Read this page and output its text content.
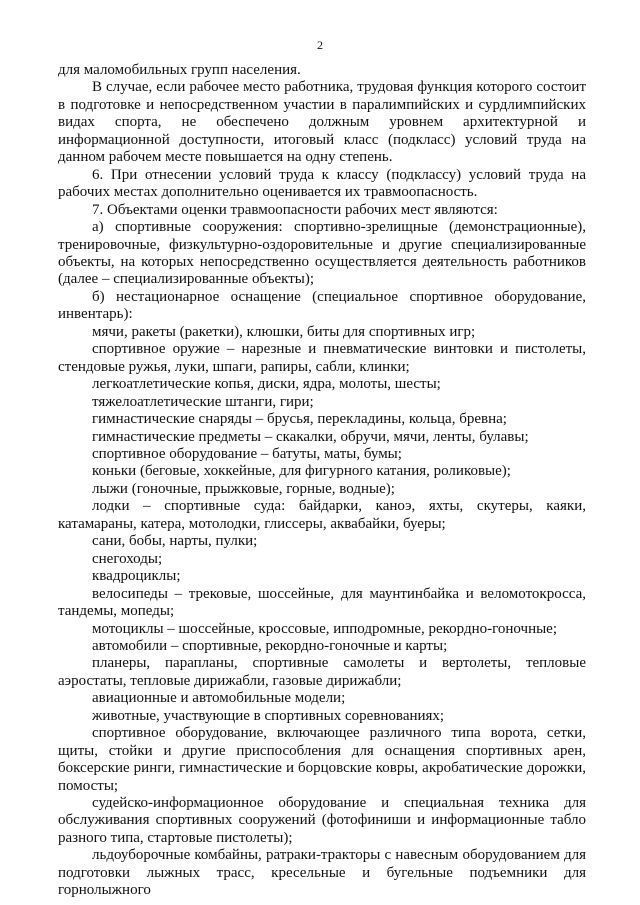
2

для маломобильных групп населения.

В случае, если рабочее место работника, трудовая функция которого состоит в подготовке и непосредственном участии в паралимпийских и сурдлимпийских видах спорта, не обеспечено должным уровнем архитектурной и информационной доступности, итоговый класс (подкласс) условий труда на данном рабочем месте повышается на одну степень.

6. При отнесении условий труда к классу (подклассу) условий труда на рабочих местах дополнительно оценивается их травмоопасность.

7. Объектами оценки травмоопасности рабочих мест являются:

а) спортивные сооружения: спортивно-зрелищные (демонстрационные), тренировочные, физкультурно-оздоровительные и другие специализированные объекты, на которых непосредственно осуществляется деятельность работников (далее – специализированные объекты);

б) нестационарное оснащение (специальное спортивное оборудование, инвентарь):

мячи, ракеты (ракетки), клюшки, биты для спортивных игр;

спортивное оружие – нарезные и пневматические винтовки и пистолеты, стендовые ружья, луки, шпаги, рапиры, сабли, клинки;

легкоатлетические копья, диски, ядра, молоты, шесты;

тяжелоатлетические штанги, гири;

гимнастические снаряды – брусья, перекладины, кольца, бревна;

гимнастические предметы – скакалки, обручи, мячи, ленты, булавы;

спортивное оборудование – батуты, маты, бумы;

коньки (беговые, хоккейные, для фигурного катания, роликовые);

лыжи (гоночные, прыжковые, горные, водные);

лодки – спортивные суда: байдарки, каноэ, яхты, скутеры, каяки, катамараны, катера, мотолодки, глиссеры, аквабайки, буеры;

сани, бобы, нарты, пулки;

снегоходы;

квадроциклы;

велосипеды – трековые, шоссейные, для маунтинбайка и веломотокросса, тандемы, мопеды;

мотоциклы – шоссейные, кроссовые, ипподромные, рекордно-гоночные;

автомобили – спортивные, рекордно-гоночные и карты;

планеры, парапланы, спортивные самолеты и вертолеты, тепловые аэростаты, тепловые дирижабли, газовые дирижабли;

авиационные и автомобильные модели;

животные, участвующие в спортивных соревнованиях;

спортивное оборудование, включающее различного типа ворота, сетки, щиты, стойки и другие приспособления для оснащения спортивных арен, боксерские ринги, гимнастические и борцовские ковры, акробатические дорожки, помосты;

судейско-информационное оборудование и специальная техника для обслуживания спортивных сооружений (фотофиниши и информационные табло разного типа, стартовые пистолеты);

льдоуборочные комбайны, ратраки-тракторы с навесным оборудованием для подготовки лыжных трасс, кресельные и бугельные подъемники для горнолыжного
